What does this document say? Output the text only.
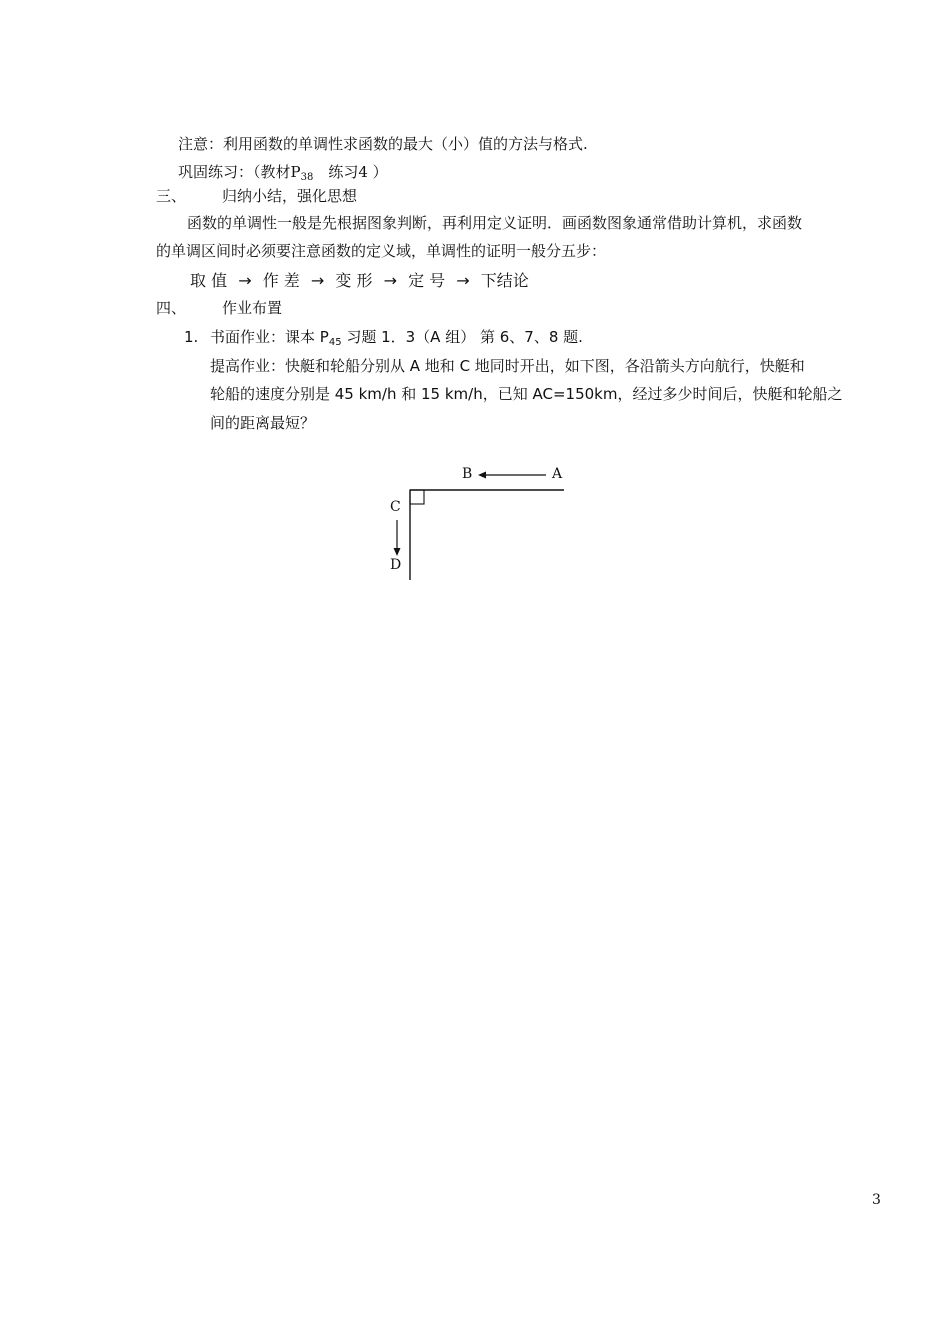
注意：利用函数的单调性求函数的最大（小）值的方法与格式.
巩固练习：（教材$P_{38}$　练习4 ）
三、 归纳小结，强化思想
函数的单调性一般是先根据图象判断，再利用定义证明．画函数图象通常借助计算机，求函数
的单调区间时必须要注意函数的定义域，单调性的证明一般分五步：
取 值 → 作 差 → 变 形 → 定 号 → 下结论
四、 作业布置
1. 书面作业：课本 $P_{45}$ 习题 1．3（A 组） 第 6、7、8 题.
提高作业：快艇和轮船分别从 A 地和 C 地同时开出，如下图，各沿箭头方向航行，快艇和
轮船的速度分别是 45 km/h 和 15 km/h，已知 AC=150km，经过多少时间后，快艇和轮船之
间的距离最短？
B	A
C
D
3
